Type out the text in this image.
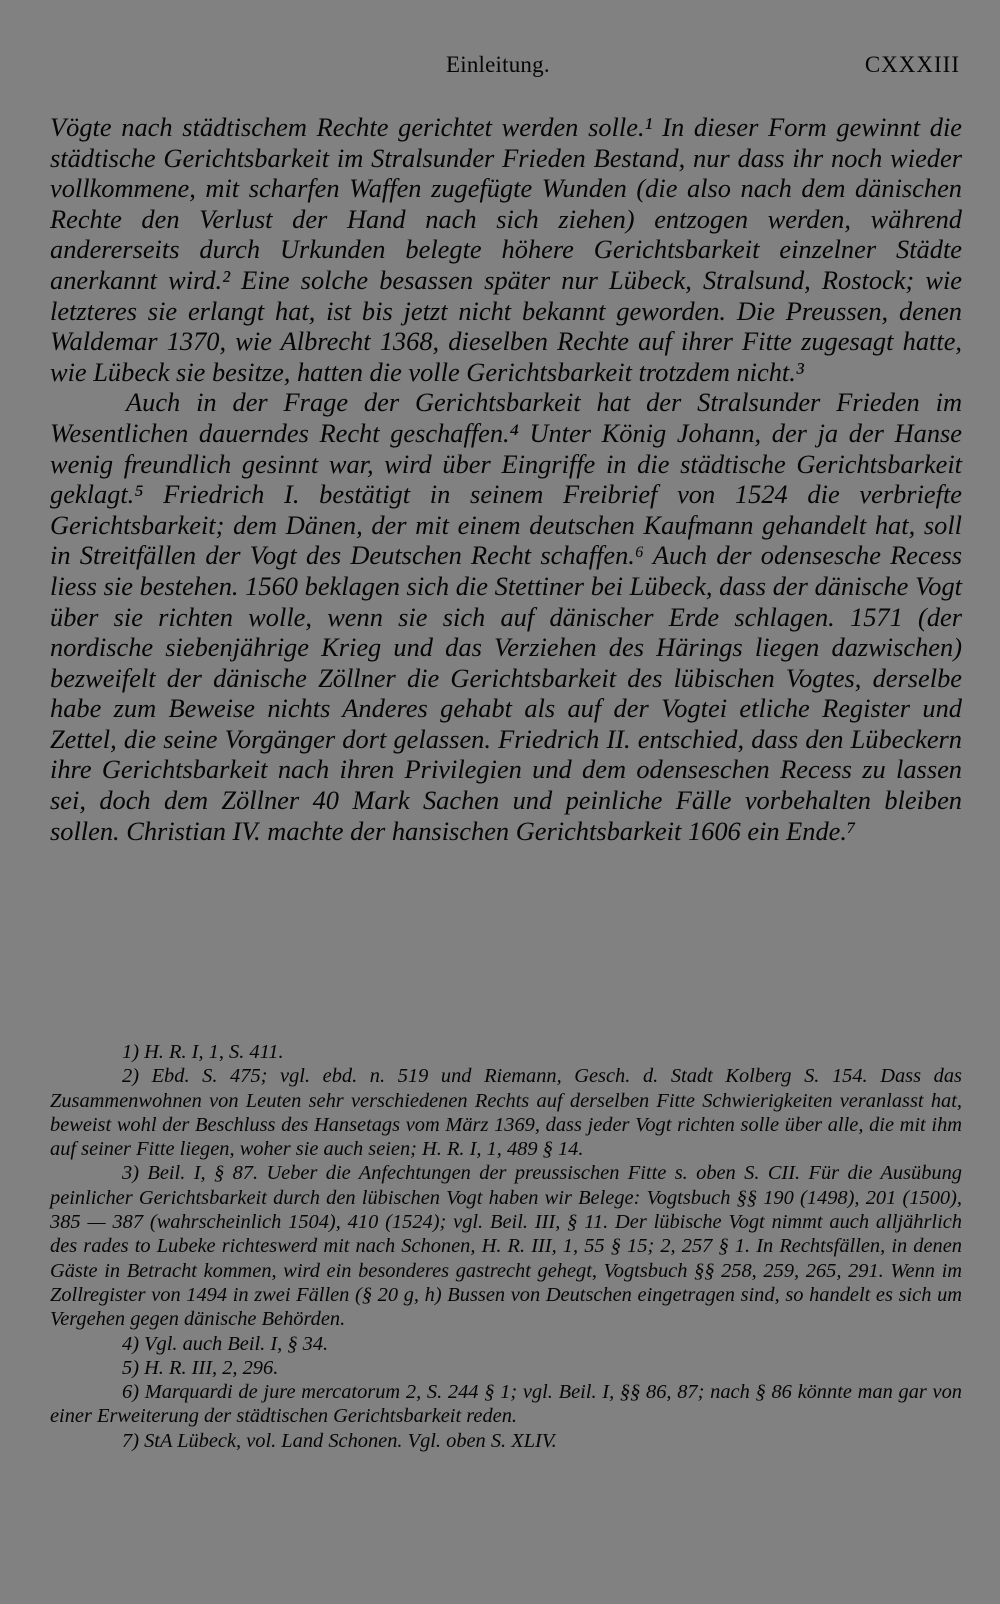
Einleitung.	CXXXIII

Vögte nach städtischem Rechte gerichtet werden solle.¹ In dieser Form gewinnt die städtische Gerichtsbarkeit im Stralsunder Frieden Bestand, nur dass ihr noch wieder vollkommene, mit scharfen Waffen zugefügte Wunden (die also nach dem dänischen Rechte den Verlust der Hand nach sich ziehen) entzogen werden, während andererseits durch Urkunden belegte höhere Gerichtsbarkeit einzelner Städte anerkannt wird.² Eine solche besassen später nur Lübeck, Stralsund, Rostock; wie letzteres sie erlangt hat, ist bis jetzt nicht bekannt geworden. Die Preussen, denen Waldemar 1370, wie Albrecht 1368, dieselben Rechte auf ihrer Fitte zugesagt hatte, wie Lübeck sie besitze, hatten die volle Gerichtsbarkeit trotzdem nicht.³

Auch in der Frage der Gerichtsbarkeit hat der Stralsunder Frieden im Wesentlichen dauerndes Recht geschaffen.⁴ Unter König Johann, der ja der Hanse wenig freundlich gesinnt war, wird über Eingriffe in die städtische Gerichtsbarkeit geklagt.⁵ Friedrich I. bestätigt in seinem Freibrief von 1524 die verbriefte Gerichtsbarkeit; dem Dänen, der mit einem deutschen Kaufmann gehandelt hat, soll in Streitfällen der Vogt des Deutschen Recht schaffen.⁶ Auch der odensesche Recess liess sie bestehen. 1560 beklagen sich die Stettiner bei Lübeck, dass der dänische Vogt über sie richten wolle, wenn sie sich auf dänischer Erde schlagen. 1571 (der nordische siebenjährige Krieg und das Verziehen des Härings liegen dazwischen) bezweifelt der dänische Zöllner die Gerichtsbarkeit des lübischen Vogtes, derselbe habe zum Beweise nichts Anderes gehabt als auf der Vogtei etliche Register und Zettel, die seine Vorgänger dort gelassen. Friedrich II. entschied, dass den Lübeckern ihre Gerichtsbarkeit nach ihren Privilegien und dem odenseschen Recess zu lassen sei, doch dem Zöllner 40 Mark Sachen und peinliche Fälle vorbehalten bleiben sollen. Christian IV. machte der hansischen Gerichtsbarkeit 1606 ein Ende.⁷

1) H. R. I, 1, S. 411.

2) Ebd. S. 475; vgl. ebd. n. 519 und Riemann, Gesch. d. Stadt Kolberg S. 154. Dass das Zusammenwohnen von Leuten sehr verschiedenen Rechts auf derselben Fitte Schwierigkeiten veranlasst hat, beweist wohl der Beschluss des Hansetags vom März 1369, dass jeder Vogt richten solle über alle, die mit ihm auf seiner Fitte liegen, woher sie auch seien; H. R. I, 1, 489 § 14.

3) Beil. I, § 87. Ueber die Anfechtungen der preussischen Fitte s. oben S. CII. Für die Ausübung peinlicher Gerichtsbarkeit durch den lübischen Vogt haben wir Belege: Vogtsbuch §§ 190 (1498), 201 (1500), 385 — 387 (wahrscheinlich 1504), 410 (1524); vgl. Beil. III, § 11. Der lübische Vogt nimmt auch alljährlich des rades to Lubeke richteswerd mit nach Schonen, H. R. III, 1, 55 § 15; 2, 257 § 1. In Rechtsfällen, in denen Gäste in Betracht kommen, wird ein besonderes gastrecht gehegt, Vogtsbuch §§ 258, 259, 265, 291. Wenn im Zollregister von 1494 in zwei Fällen (§ 20 g, h) Bussen von Deutschen eingetragen sind, so handelt es sich um Vergehen gegen dänische Behörden.

4) Vgl. auch Beil. I, § 34.

5) H. R. III, 2, 296.

6) Marquardi de jure mercatorum 2, S. 244 § 1; vgl. Beil. I, §§ 86, 87; nach § 86 könnte man gar von einer Erweiterung der städtischen Gerichtsbarkeit reden.

7) StA Lübeck, vol. Land Schonen. Vgl. oben S. XLIV.
